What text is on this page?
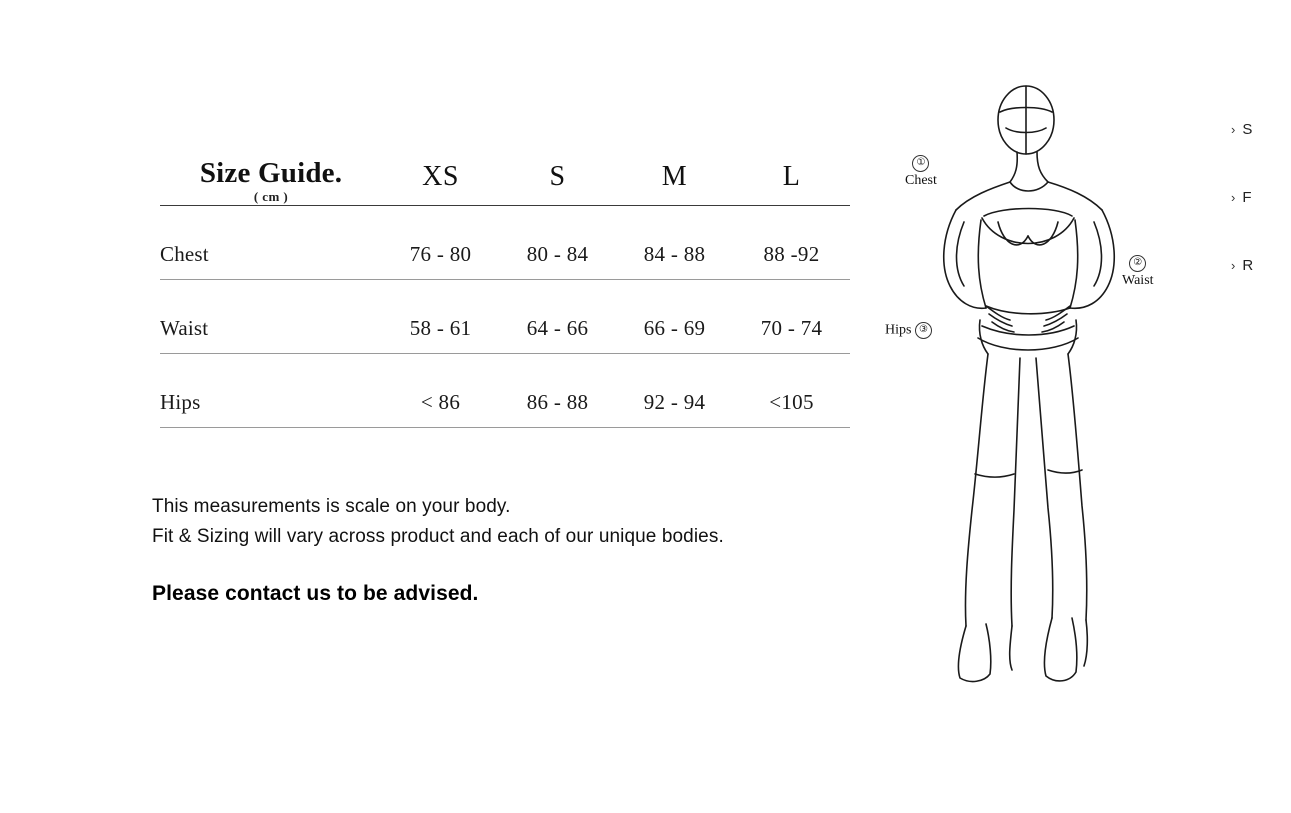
Size Guide.
( cm )	XS	S	M	L
Chest	76 - 80	80 - 84	84 - 88	88 -92
Waist	58 - 61	64 - 66	66 - 69	70 - 74
Hips	< 86	86 - 88	92 - 94	<105
This measurements is scale on your body.
Fit & Sizing will vary across product and each of our unique bodies.
Please contact us to be advised.
①
Chest
②
Waist
Hips ③
› S
› F
› R
